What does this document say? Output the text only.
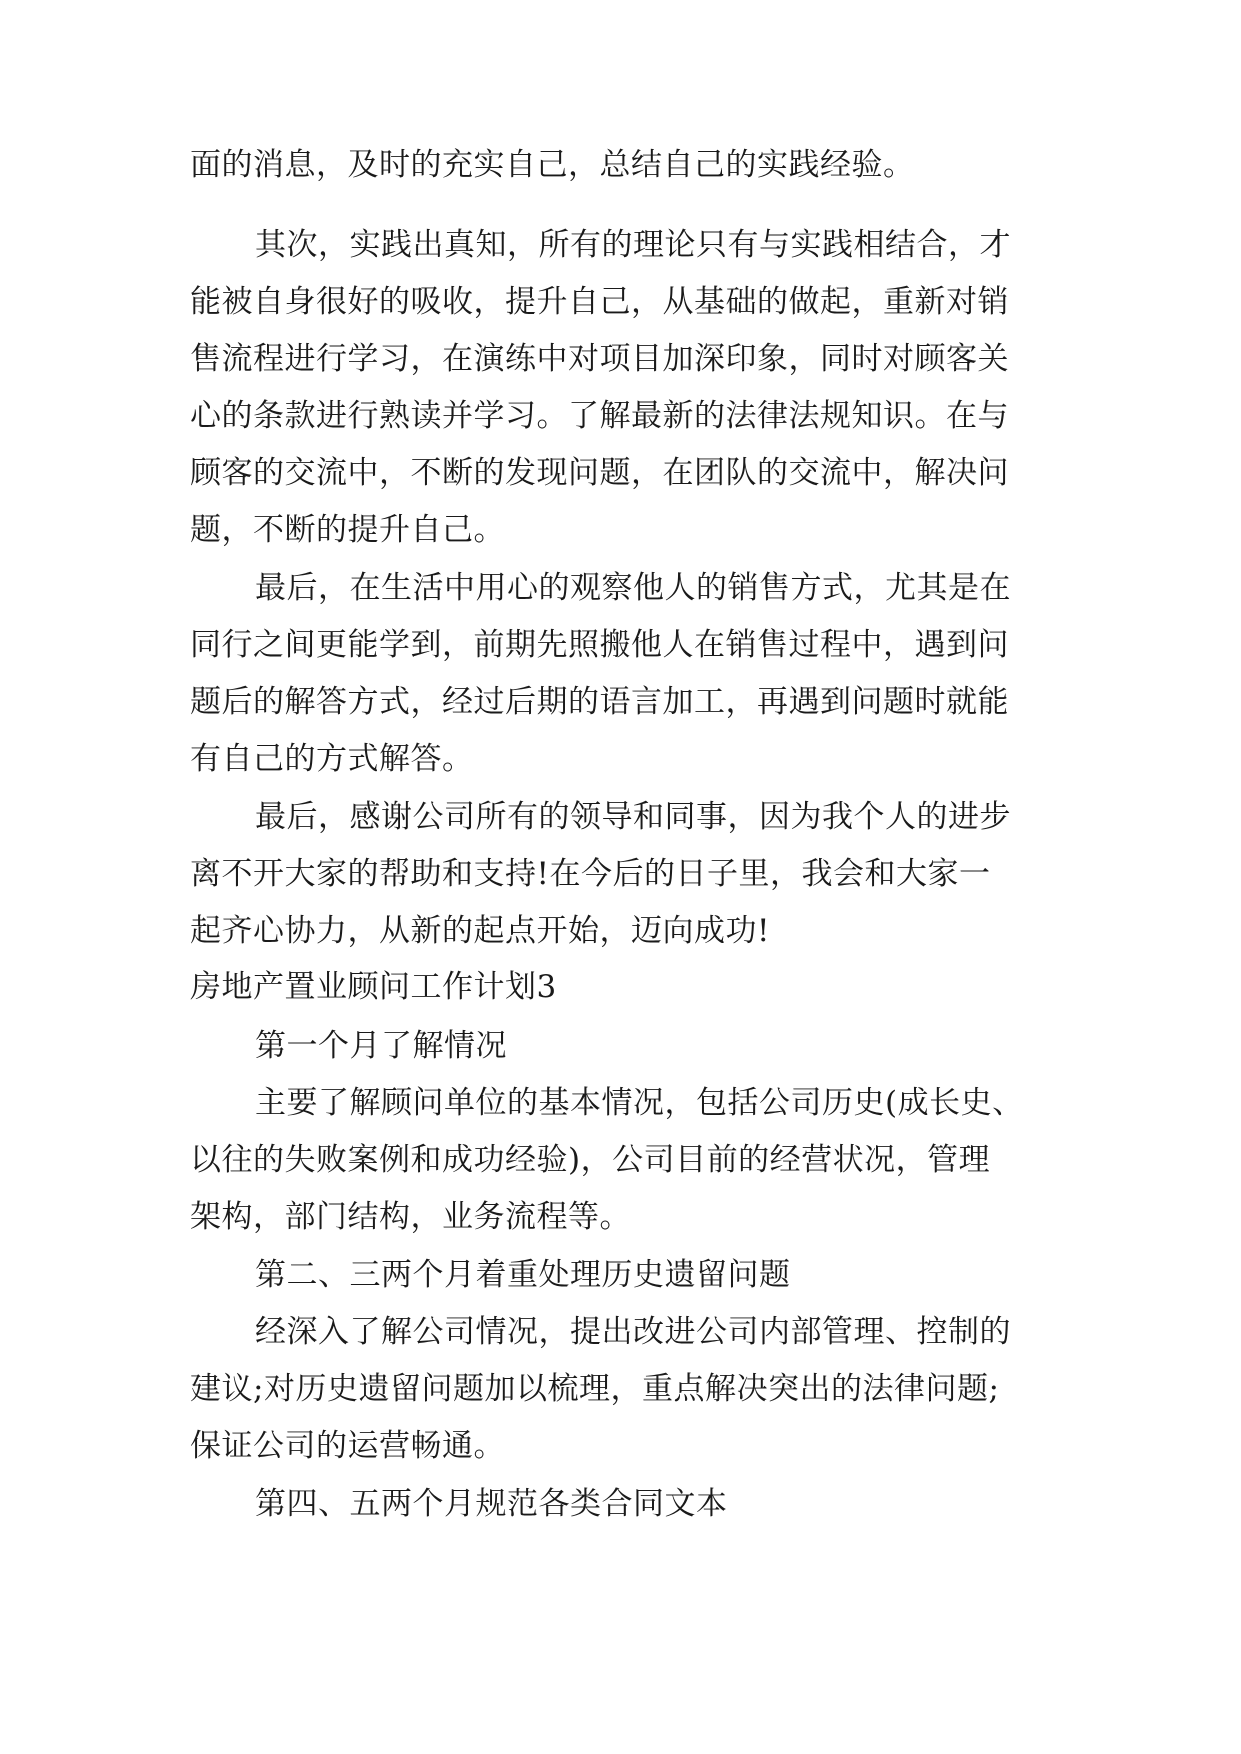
面的消息，及时的充实自己，总结自己的实践经验。
其次，实践出真知，所有的理论只有与实践相结合，才
能被自身很好的吸收，提升自己，从基础的做起，重新对销
售流程进行学习，在演练中对项目加深印象，同时对顾客关
心的条款进行熟读并学习。了解最新的法律法规知识。在与
顾客的交流中，不断的发现问题，在团队的交流中，解决问
题，不断的提升自己。
最后，在生活中用心的观察他人的销售方式，尤其是在
同行之间更能学到，前期先照搬他人在销售过程中，遇到问
题后的解答方式，经过后期的语言加工，再遇到问题时就能
有自己的方式解答。
最后，感谢公司所有的领导和同事，因为我个人的进步
离不开大家的帮助和支持!在今后的日子里，我会和大家一
起齐心协力，从新的起点开始，迈向成功!
房地产置业顾问工作计划3
第一个月了解情况
主要了解顾问单位的基本情况，包括公司历史(成长史、
以往的失败案例和成功经验)，公司目前的经营状况，管理
架构，部门结构，业务流程等。
第二、三两个月着重处理历史遗留问题
经深入了解公司情况，提出改进公司内部管理、控制的
建议;对历史遗留问题加以梳理，重点解决突出的法律问题;
保证公司的运营畅通。
第四、五两个月规范各类合同文本
